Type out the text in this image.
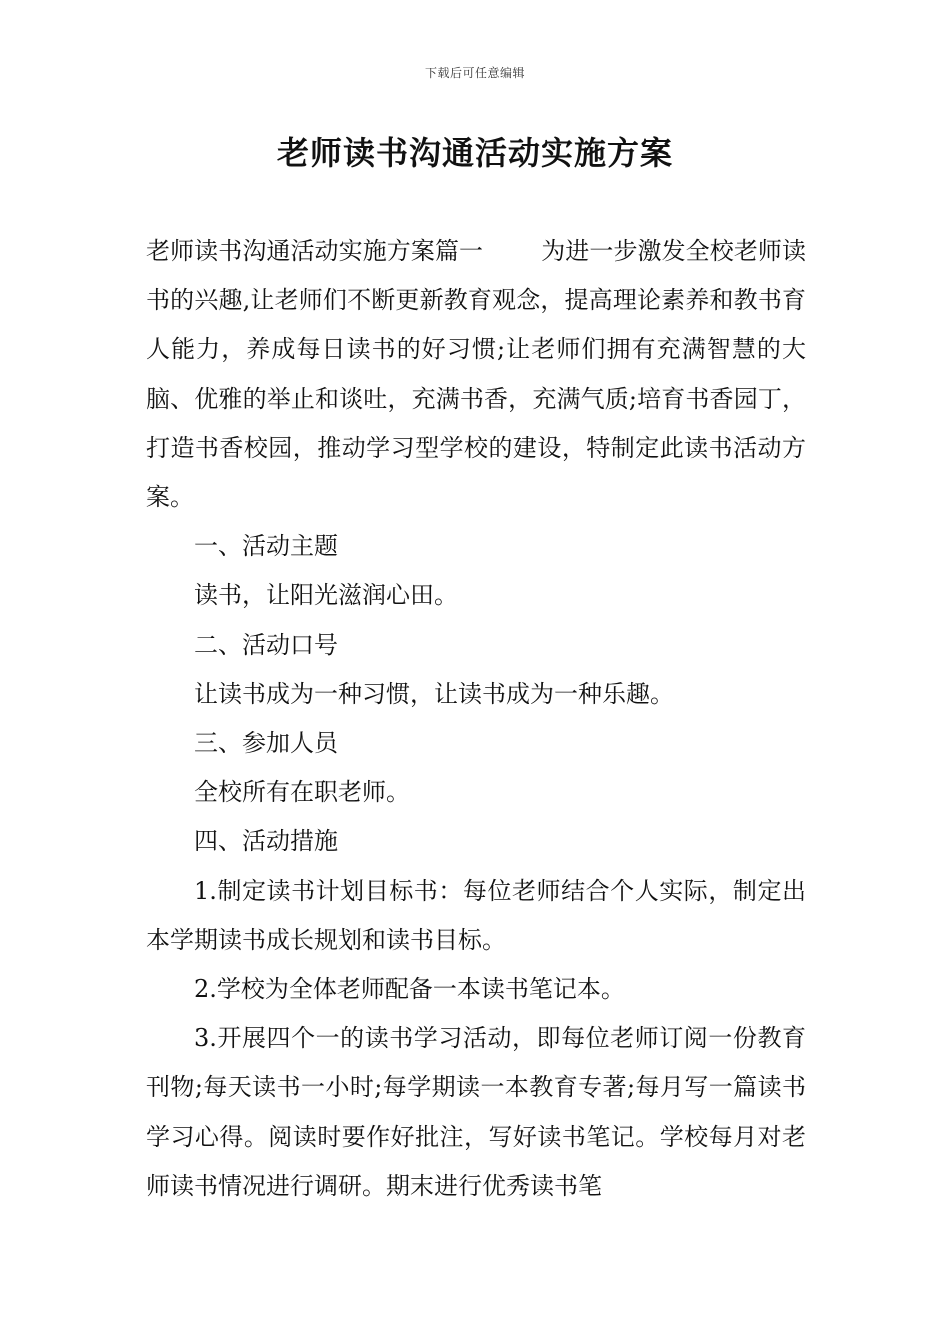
下载后可任意编辑
老师读书沟通活动实施方案

老师读书沟通活动实施方案篇一 为进一步激发全校老师读书的兴趣,让老师们不断更新教育观念，提高理论素养和教书育人能力，养成每日读书的好习惯;让老师们拥有充满智慧的大脑、优雅的举止和谈吐，充满书香，充满气质;培育书香园丁，打造书香校园，推动学习型学校的建设，特制定此读书活动方案。

一、活动主题

读书，让阳光滋润心田。

二、活动口号

让读书成为一种习惯，让读书成为一种乐趣。

三、参加人员

全校所有在职老师。

四、活动措施

1.制定读书计划目标书：每位老师结合个人实际，制定出本学期读书成长规划和读书目标。

2.学校为全体老师配备一本读书笔记本。

3.开展四个一的读书学习活动，即每位老师订阅一份教育刊物;每天读书一小时;每学期读一本教育专著;每月写一篇读书学习心得。阅读时要作好批注，写好读书笔记。学校每月对老师读书情况进行调研。期末进行优秀读书笔
